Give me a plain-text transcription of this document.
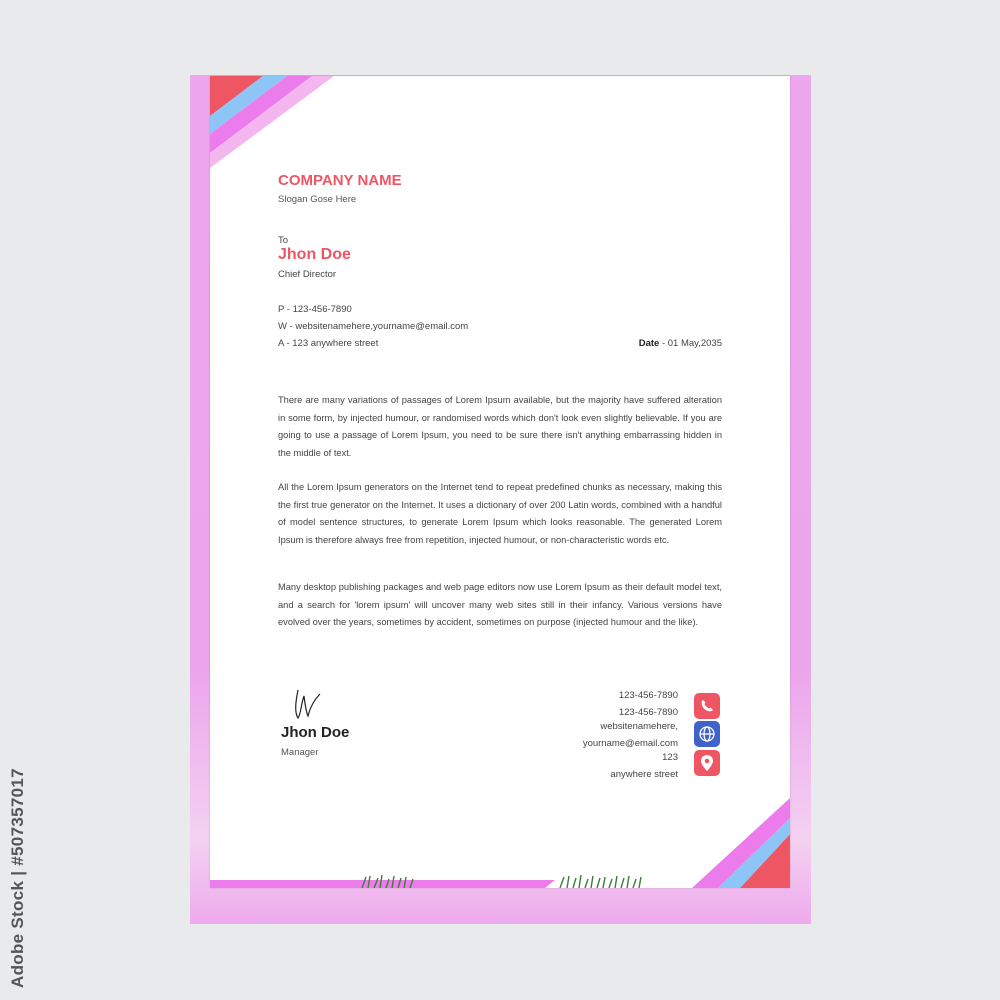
COMPANY NAME
Slogan Gose Here
To
Jhon Doe
Chief Director
P - 123-456-7890
W - websitenamehere,yourname@email.com
A - 123 anywhere street	Date - 01 May,2035

There are many variations of passages of Lorem Ipsum available, but the majority have suffered alteration in some form, by injected humour, or randomised words which don't look even slightly believable. If you are going to use a passage of Lorem Ipsum, you need to be sure there isn't anything embarrassing hidden in the middle of text.

All the Lorem Ipsum generators on the Internet tend to repeat predefined chunks as necessary, making this the first true generator on the Internet. It uses a dictionary of over 200 Latin words, combined with a handful of model sentence structures, to generate Lorem Ipsum which looks reasonable. The generated Lorem Ipsum is therefore always free from repetition, injected humour, or non-characteristic words etc.

Many desktop publishing packages and web page editors now use Lorem Ipsum as their default model text, and a search for 'lorem ipsum' will uncover many web sites still in their infancy. Various versions have evolved over the years, sometimes by accident, sometimes on purpose (injected humour and the like).

Jhon Doe
Manager
123-456-7890
123-456-7890
websitenamehere,
yourname@email.com
123
anywhere street
Adobe Stock | #507357017
